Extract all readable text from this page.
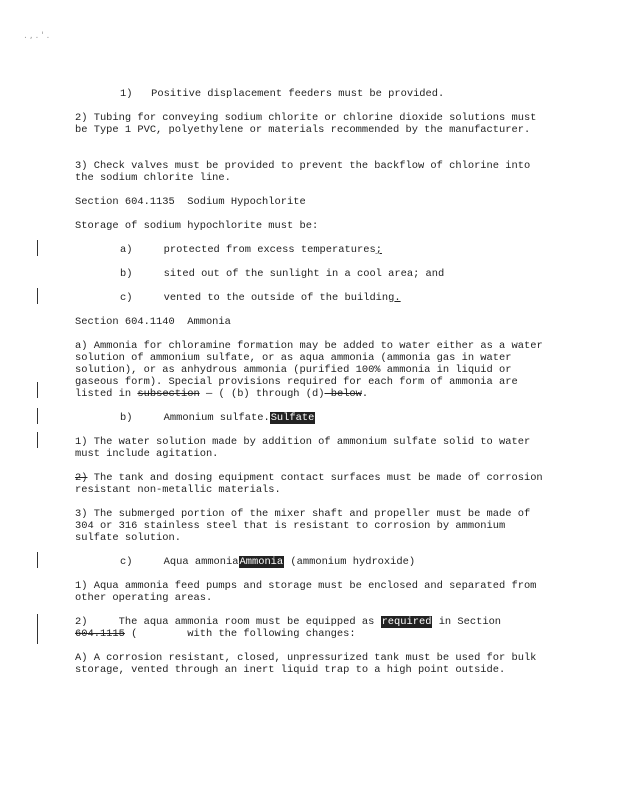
. , . ' .
1)   Positive displacement feeders must be provided.
2) Tubing for conveying sodium chlorite or chlorine dioxide solutions must be Type 1 PVC, polyethylene or materials recommended by the manufacturer.
3) Check valves must be provided to prevent the backflow of chlorine into the sodium chlorite line.
Section 604.1135  Sodium Hypochlorite
Storage of sodium hypochlorite must be:
a)	protected from excess temperatures;
b)	sited out of the sunlight in a cool area; and
c)	vented to the outside of the building.
Section 604.1140  Ammonia
a) Ammonia for chloramine formation may be added to water either as a water solution of ammonium sulfate, or as aqua ammonia (ammonia gas in water solution), or as anhydrous ammonia (purified 100% ammonia in liquid or gaseous form). Special provisions required for each form of ammonia are listed in subsection — ( (b) through (d) below.
b)	Ammonium sulfate.Sulfate
1) The water solution made by addition of ammonium sulfate solid to water must include agitation.
2) The tank and dosing equipment contact surfaces must be made of corrosion resistant non-metallic materials.
3) The submerged portion of the mixer shaft and propeller must be made of 304 or 316 stainless steel that is resistant to corrosion by ammonium sulfate solution.
c)	Aqua ammoniaAmmonia (ammonium hydroxide)
1) Aqua ammonia feed pumps and storage must be enclosed and separated from other operating areas.
2)     The aqua ammonia room must be equipped as required in Section
604.1115 (	with the following changes:
A) A corrosion resistant, closed, unpressurized tank must be used for bulk storage, vented through an inert liquid trap to a high point outside.
